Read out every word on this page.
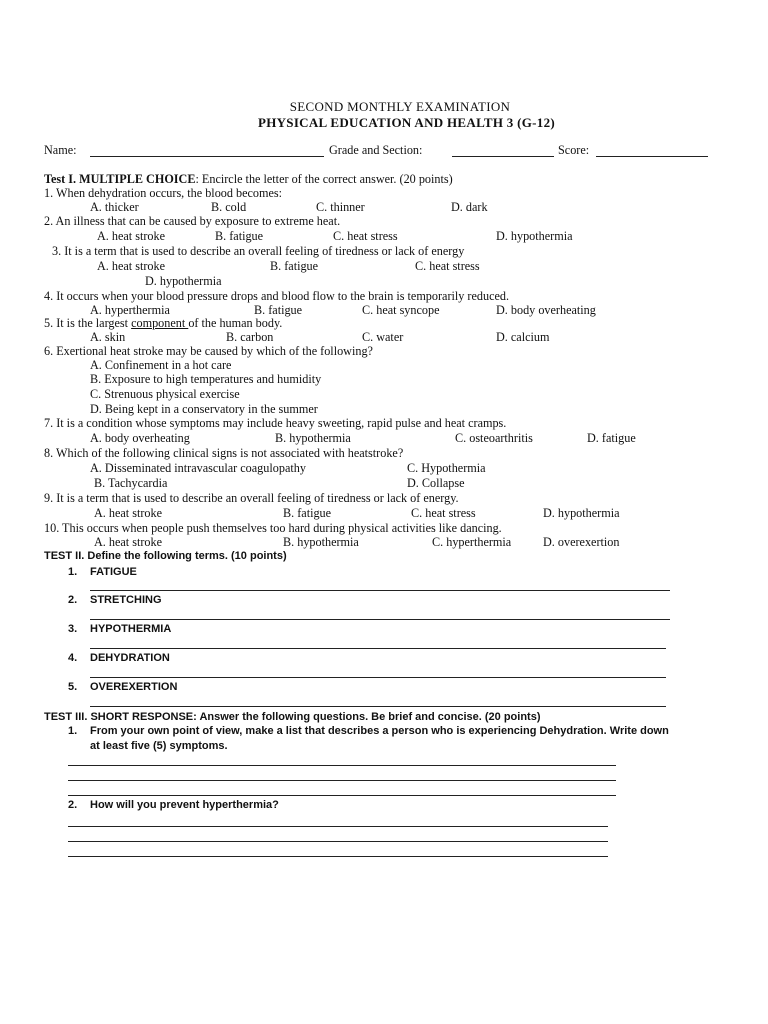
SECOND MONTHLY EXAMINATION
PHYSICAL EDUCATION AND HEALTH 3 (G-12)
Name:	Grade and Section:	Score:
Test I. MULTIPLE CHOICE: Encircle the letter of the correct answer. (20 points)
1. When dehydration occurs, the blood becomes:
A. thicker	B. cold	C. thinner	D. dark
2. An illness that can be caused by exposure to extreme heat.
A. heat stroke	B. fatigue	C. heat stress	D. hypothermia
3. It is a term that is used to describe an overall feeling of tiredness or lack of energy
A. heat stroke	B. fatigue	C. heat stress
D. hypothermia
4. It occurs when your blood pressure drops and blood flow to the brain is temporarily reduced.
A. hyperthermia	B. fatigue	C. heat syncope	D. body overheating
5. It is the largest component of the human body.
A. skin	B. carbon	C. water	D. calcium
6. Exertional heat stroke may be caused by which of the following?
A. Confinement in a hot care
B. Exposure to high temperatures and humidity
C. Strenuous physical exercise
D. Being kept in a conservatory in the summer
7. It is a condition whose symptoms may include heavy sweeting, rapid pulse and heat cramps.
A. body overheating	B. hypothermia	C. osteoarthritis	D. fatigue
8. Which of the following clinical signs is not associated with heatstroke?
A. Disseminated intravascular coagulopathy	C. Hypothermia
B. Tachycardia	D. Collapse
9. It is a term that is used to describe an overall feeling of tiredness or lack of energy.
A. heat stroke	B. fatigue	C. heat stress	D. hypothermia
10. This occurs when people push themselves too hard during physical activities like dancing.
A. heat stroke	B. hypothermia	C. hyperthermia	D. overexertion
TEST II. Define the following terms. (10 points)
1. FATIGUE
2. STRETCHING
3. HYPOTHERMIA
4. DEHYDRATION
5. OVEREXERTION
TEST III. SHORT RESPONSE: Answer the following questions. Be brief and concise. (20 points)
1. From your own point of view, make a list that describes a person who is experiencing Dehydration. Write down
at least five (5) symptoms.
2. How will you prevent hyperthermia?
